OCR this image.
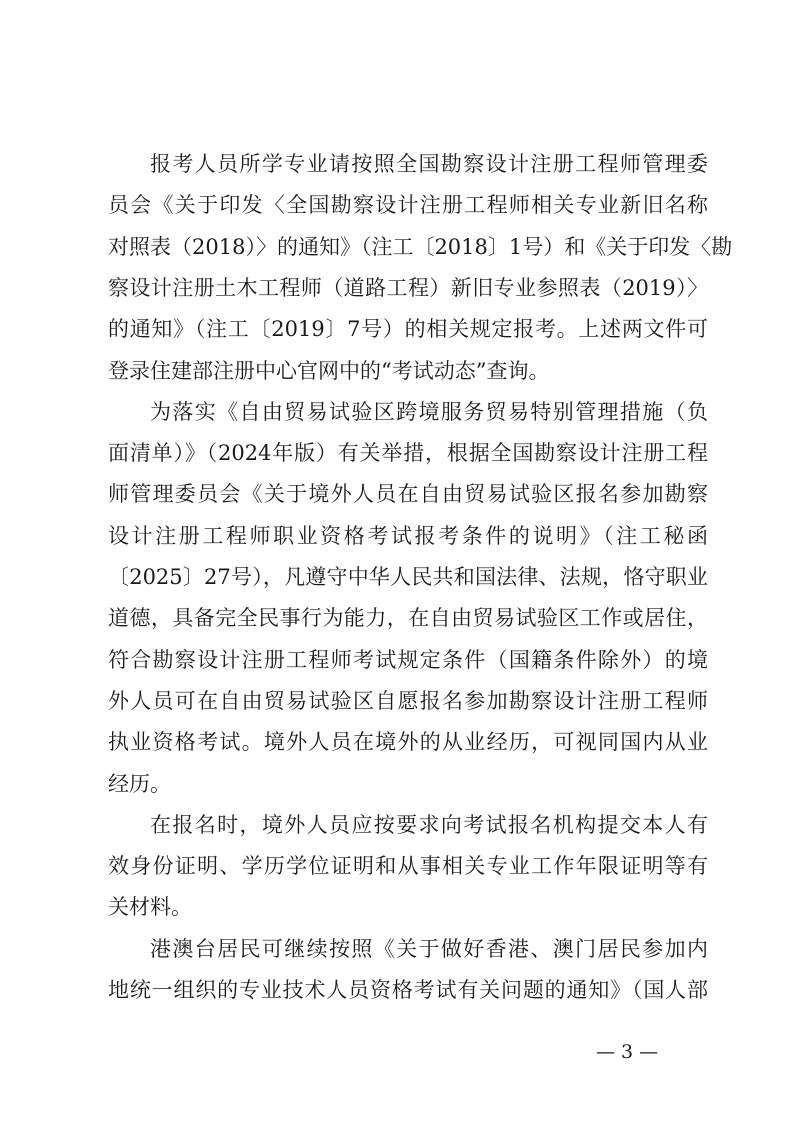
报考人员所学专业请按照全国勘察设计注册工程师管理委
员会《关于印发〈全国勘察设计注册工程师相关专业新旧名称
对照表（2018）〉的通知》（注工〔2018〕1号）和《关于印发〈勘
察设计注册土木工程师（道路工程）新旧专业参照表（2019）〉
的通知》（注工〔2019〕7号）的相关规定报考。上述两文件可
登录住建部注册中心官网中的“考试动态”查询。
为落实《自由贸易试验区跨境服务贸易特别管理措施（负
面清单）》（2024年版）有关举措，根据全国勘察设计注册工程
师管理委员会《关于境外人员在自由贸易试验区报名参加勘察
设计注册工程师职业资格考试报考条件的说明》（注工秘函
〔2025〕27号），凡遵守中华人民共和国法律、法规，恪守职业
道德，具备完全民事行为能力，在自由贸易试验区工作或居住，
符合勘察设计注册工程师考试规定条件（国籍条件除外）的境
外人员可在自由贸易试验区自愿报名参加勘察设计注册工程师
执业资格考试。境外人员在境外的从业经历，可视同国内从业
经历。
在报名时，境外人员应按要求向考试报名机构提交本人有
效身份证明、学历学位证明和从事相关专业工作年限证明等有
关材料。
港澳台居民可继续按照《关于做好香港、澳门居民参加内
地统一组织的专业技术人员资格考试有关问题的通知》（国人部
— 3 —
